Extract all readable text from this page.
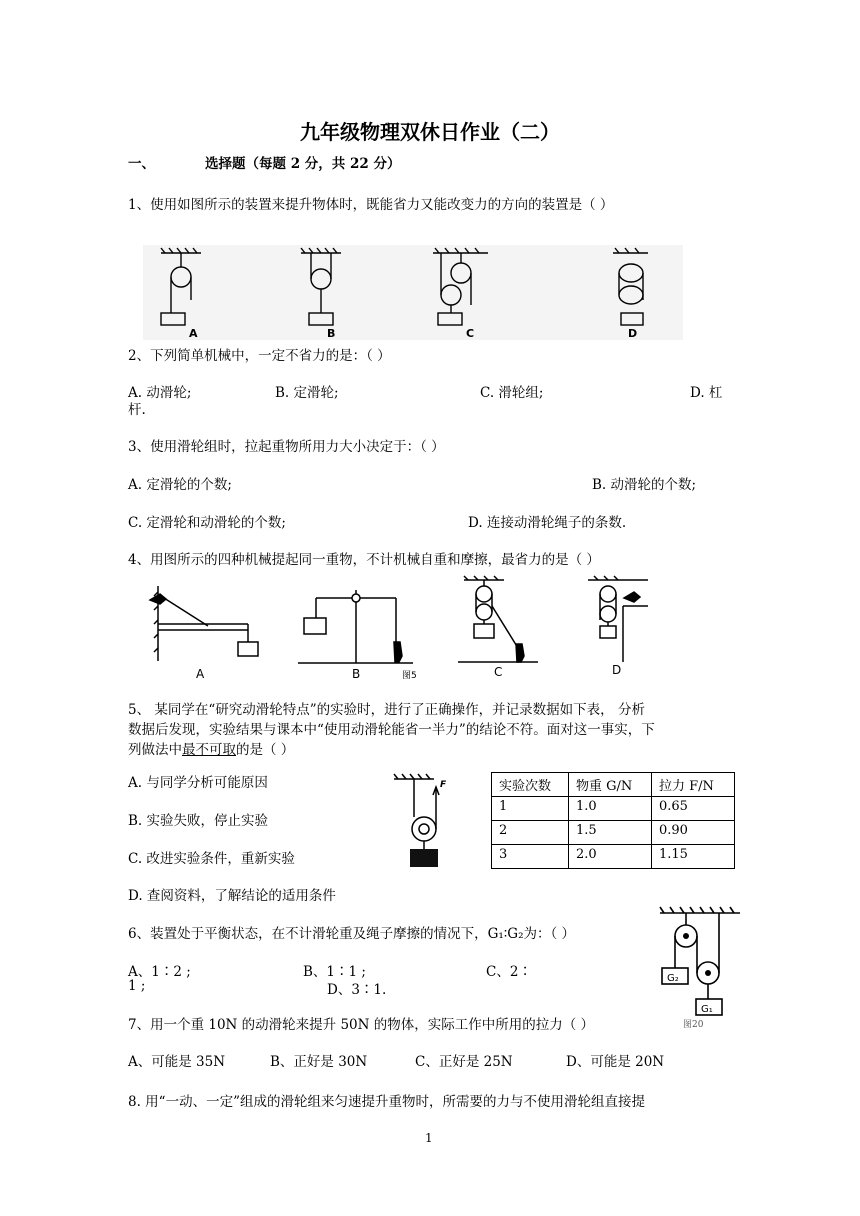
九年级物理双休日作业（二）
一、	选择题（每题 2 分，共 22 分）
1、使用如图所示的装置来提升物体时，既能省力又能改变力的方向的装置是（ ）
A	B	C	D
2、下列简单机械中，一定不省力的是：（ ）
A. 动滑轮;	B. 定滑轮;	C. 滑轮组;	D. 杠
杆.
3、使用滑轮组时，拉起重物所用力大小决定于：（ ）
A. 定滑轮的个数;	B. 动滑轮的个数;
C. 定滑轮和动滑轮的个数;	D. 连接动滑轮绳子的条数.
4、用图所示的四种机械提起同一重物，不计机械自重和摩擦，最省力的是（ ）
A	B	C	D
图5
5、 某同学在“研究动滑轮特点”的实验时，进行了正确操作，并记录数据如下表， 分析
数据后发现，实验结果与课本中“使用动滑轮能省一半力”的结论不符。面对这一事实，下
列做法中最不可取的是（ ）
A. 与同学分析可能原因
B. 实验失败，停止实验
C. 改进实验条件，重新实验
D. 查阅资料，了解结论的适用条件
F	实验次数	物重 G/N	拉力 F/N
1	1.0	0.65
2	1.5	0.90
3	2.0	1.15
6、装置处于平衡状态，在不计滑轮重及绳子摩擦的情况下，G₁∶G₂为：（ ）
A、1∶2 ;	B、1∶1 ;	C、2∶
1 ;	D、3∶1.
G₂
G₁
7、用一个重 10N 的动滑轮来提升 50N 的物体，实际工作中所用的拉力（ ）	图20
A、可能是 35N	B、正好是 30N	C、正好是 25N	D、可能是 20N
8. 用“一动、一定”组成的滑轮组来匀速提升重物时，所需要的力与不使用滑轮组直接提
1
